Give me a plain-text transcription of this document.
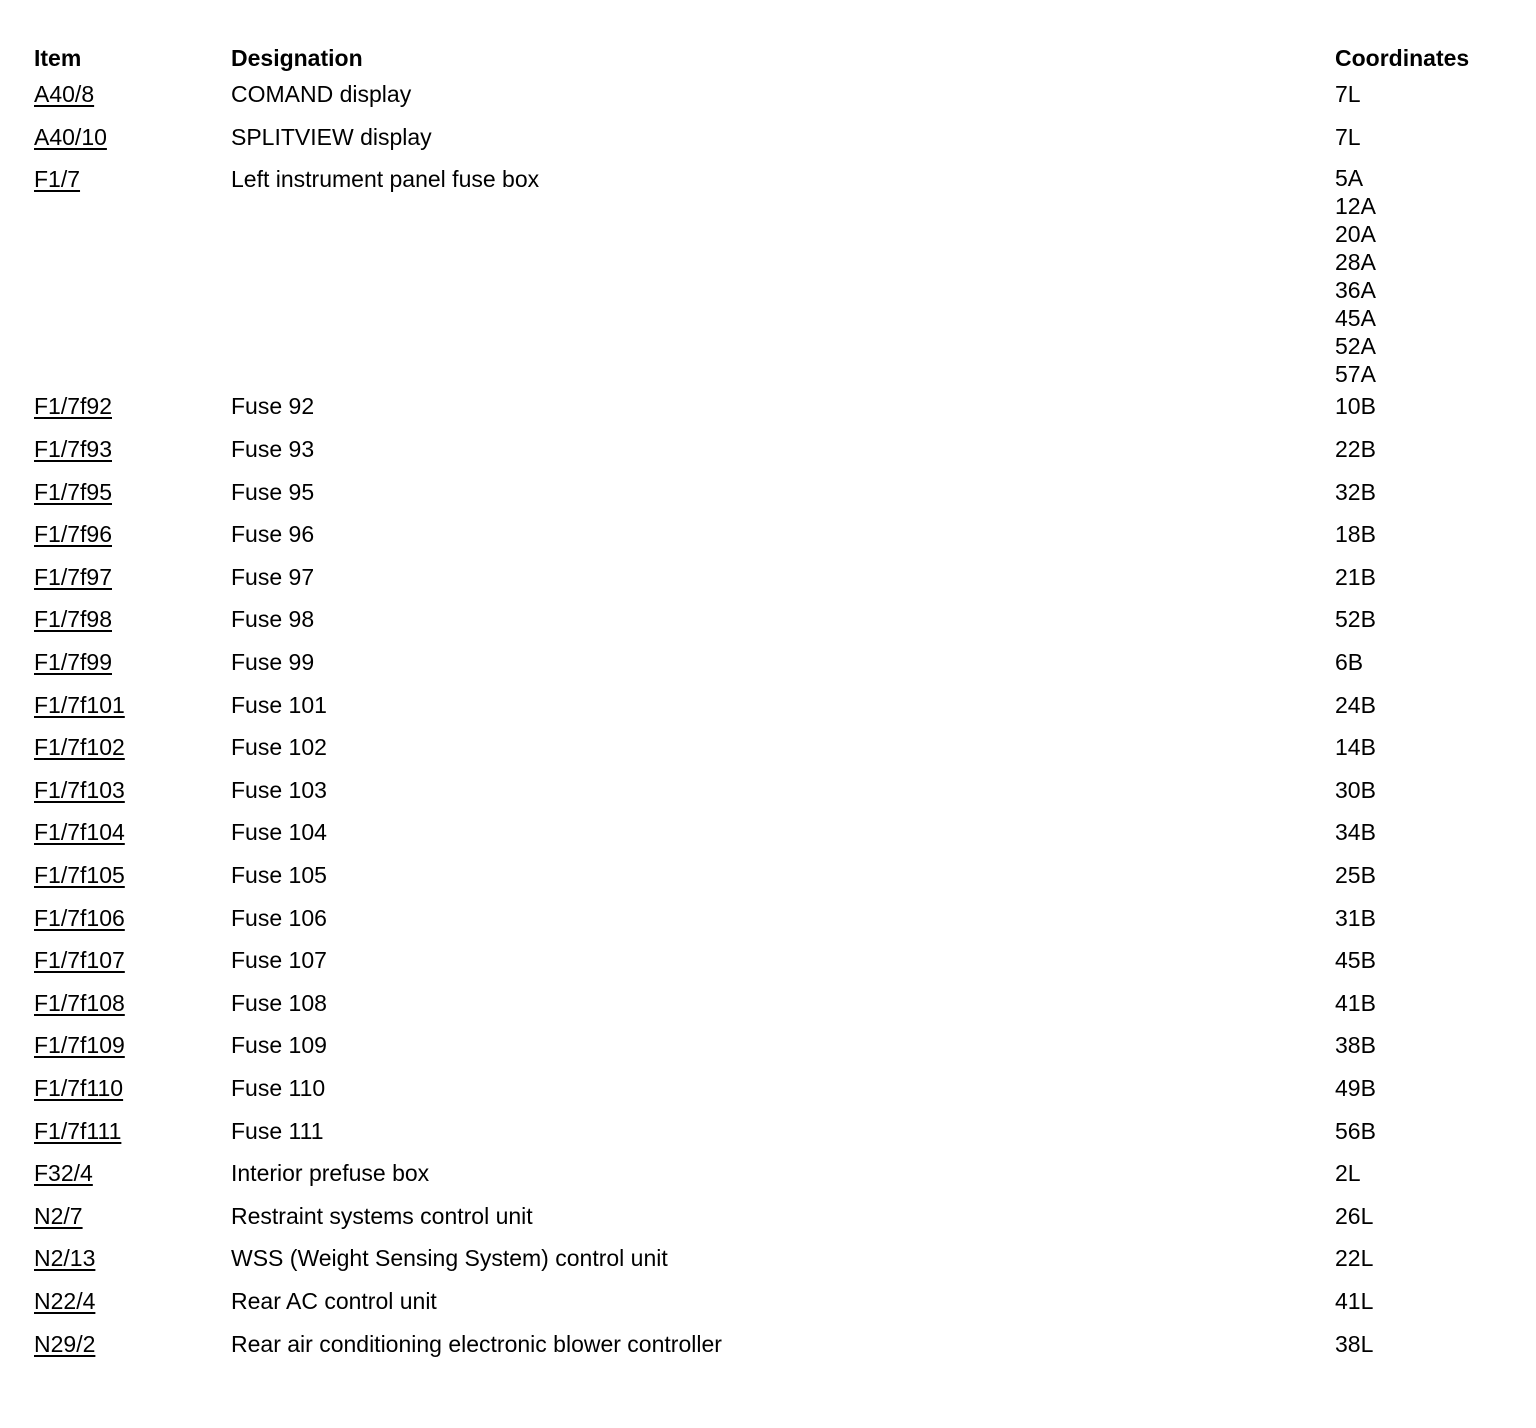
Item	Designation	Coordinates
A40/8	COMAND display	7L
A40/10	SPLITVIEW display	7L
F1/7	Left instrument panel fuse box	5A
12A
20A
28A
36A
45A
52A
57A
F1/7f92	Fuse 92	10B
F1/7f93	Fuse 93	22B
F1/7f95	Fuse 95	32B
F1/7f96	Fuse 96	18B
F1/7f97	Fuse 97	21B
F1/7f98	Fuse 98	52B
F1/7f99	Fuse 99	6B
F1/7f101	Fuse 101	24B
F1/7f102	Fuse 102	14B
F1/7f103	Fuse 103	30B
F1/7f104	Fuse 104	34B
F1/7f105	Fuse 105	25B
F1/7f106	Fuse 106	31B
F1/7f107	Fuse 107	45B
F1/7f108	Fuse 108	41B
F1/7f109	Fuse 109	38B
F1/7f110	Fuse 110	49B
F1/7f111	Fuse 111	56B
F32/4	Interior prefuse box	2L
N2/7	Restraint systems control unit	26L
N2/13	WSS (Weight Sensing System) control unit	22L
N22/4	Rear AC control unit	41L
N29/2	Rear air conditioning electronic blower controller	38L
